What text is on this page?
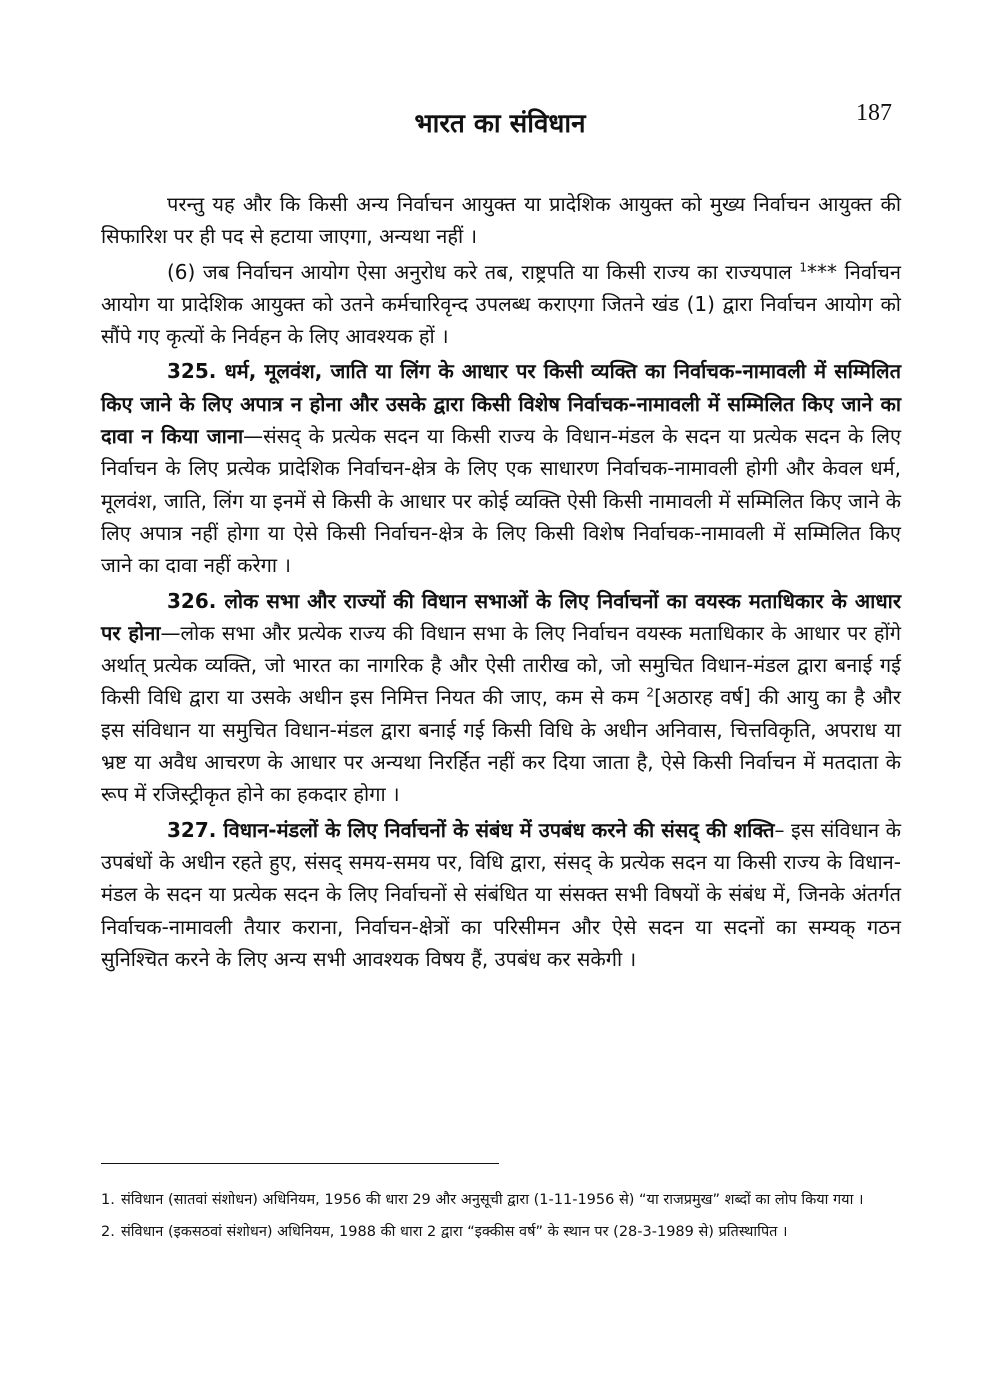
भारत का संविधान	187

परन्तु यह और कि किसी अन्य निर्वाचन आयुक्त या प्रादेशिक आयुक्त को मुख्य निर्वाचन आयुक्त की सिफारिश पर ही पद से हटाया जाएगा, अन्यथा नहीं ।

(6) जब निर्वाचन आयोग ऐसा अनुरोध करे तब, राष्ट्रपति या किसी राज्य का राज्यपाल $^1$*** निर्वाचन आयोग या प्रादेशिक आयुक्त को उतने कर्मचारिवृन्द उपलब्ध कराएगा जितने खंड (1) द्वारा निर्वाचन आयोग को सौंपे गए कृत्यों के निर्वहन के लिए आवश्यक हों ।

325. धर्म, मूलवंश, जाति या लिंग के आधार पर किसी व्यक्ति का निर्वाचक-नामावली में सम्मिलित किए जाने के लिए अपात्र न होना और उसके द्वारा किसी विशेष निर्वाचक-नामावली में सम्मिलित किए जाने का दावा न किया जाना—संसद् के प्रत्येक सदन या किसी राज्य के विधान-मंडल के सदन या प्रत्येक सदन के लिए निर्वाचन के लिए प्रत्येक प्रादेशिक निर्वाचन-क्षेत्र के लिए एक साधारण निर्वाचक-नामावली होगी और केवल धर्म, मूलवंश, जाति, लिंग या इनमें से किसी के आधार पर कोई व्यक्ति ऐसी किसी नामावली में सम्मिलित किए जाने के लिए अपात्र नहीं होगा या ऐसे किसी निर्वाचन-क्षेत्र के लिए किसी विशेष निर्वाचक-नामावली में सम्मिलित किए जाने का दावा नहीं करेगा ।

326. लोक सभा और राज्यों की विधान सभाओं के लिए निर्वाचनों का वयस्क मताधिकार के आधार पर होना—लोक सभा और प्रत्येक राज्य की विधान सभा के लिए निर्वाचन वयस्क मताधिकार के आधार पर होंगे अर्थात् प्रत्येक व्यक्ति, जो भारत का नागरिक है और ऐसी तारीख को, जो समुचित विधान-मंडल द्वारा बनाई गई किसी विधि द्वारा या उसके अधीन इस निमित्त नियत की जाए, कम से कम $^2$[अठारह वर्ष] की आयु का है और इस संविधान या समुचित विधान-मंडल द्वारा बनाई गई किसी विधि के अधीन अनिवास, चित्तविकृति, अपराध या भ्रष्ट या अवैध आचरण के आधार पर अन्यथा निरर्हित नहीं कर दिया जाता है, ऐसे किसी निर्वाचन में मतदाता के रूप में रजिस्ट्रीकृत होने का हकदार होगा ।

327. विधान-मंडलों के लिए निर्वाचनों के संबंध में उपबंध करने की संसद् की शक्ति– इस संविधान के उपबंधों के अधीन रहते हुए, संसद् समय-समय पर, विधि द्वारा, संसद् के प्रत्येक सदन या किसी राज्य के विधान-मंडल के सदन या प्रत्येक सदन के लिए निर्वाचनों से संबंधित या संसक्त सभी विषयों के संबंध में, जिनके अंतर्गत निर्वाचक-नामावली तैयार कराना, निर्वाचन-क्षेत्रों का परिसीमन और ऐसे सदन या सदनों का सम्यक् गठन सुनिश्चित करने के लिए अन्य सभी आवश्यक विषय हैं, उपबंध कर सकेगी ।

1. संविधान (सातवां संशोधन) अधिनियम, 1956 की धारा 29 और अनुसूची द्वारा (1-11-1956 से) “या राजप्रमुख” शब्दों का लोप किया गया ।
2. संविधान (इकसठवां संशोधन) अधिनियम, 1988 की धारा 2 द्वारा “इक्कीस वर्ष” के स्थान पर (28-3-1989 से) प्रतिस्थापित ।
